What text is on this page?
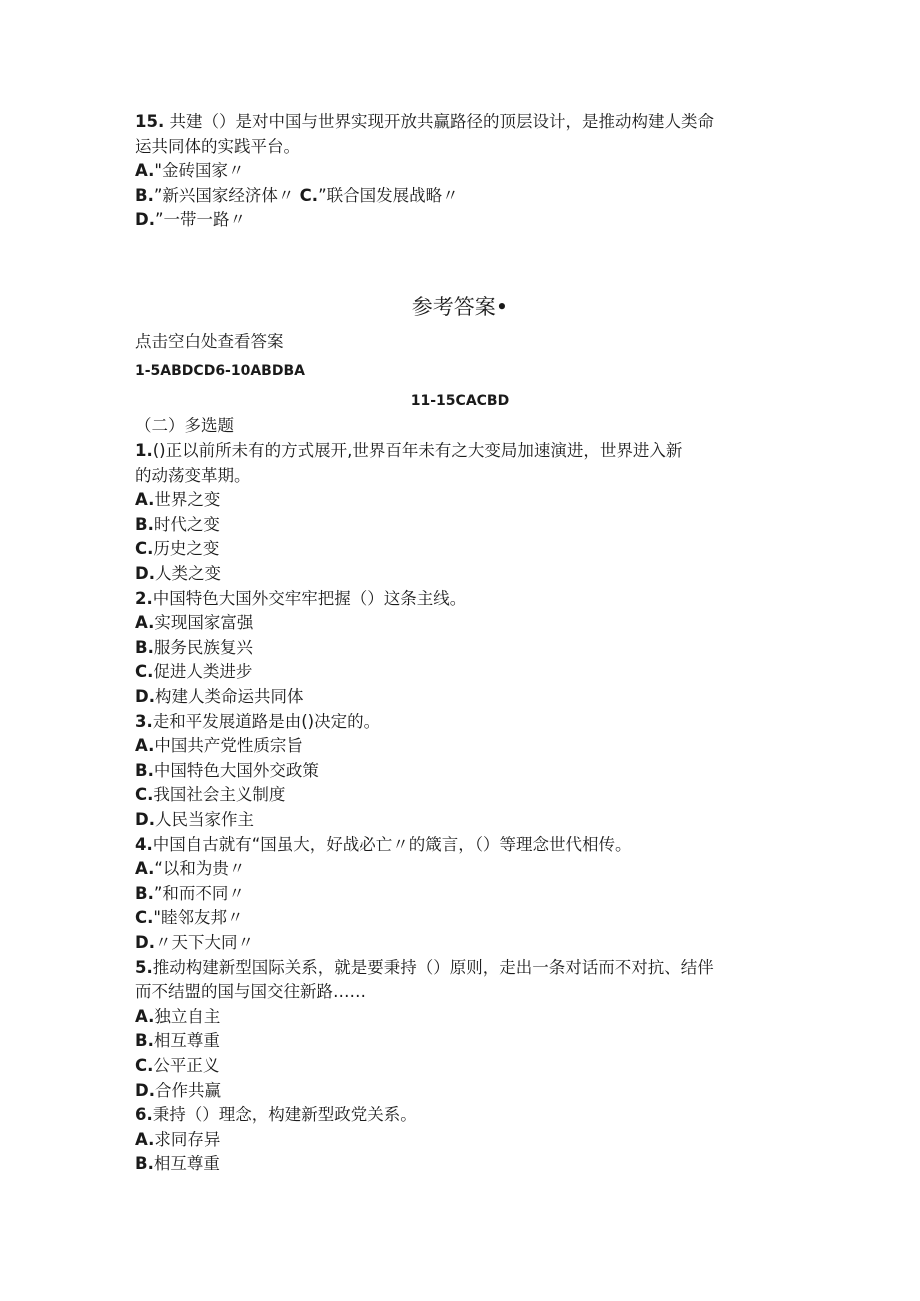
15. 共建（）是对中国与世界实现开放共赢路径的顶层设计，是推动构建人类命
运共同体的实践平台。
A."金砖国家〃
B.”新兴国家经济体〃 C.”联合国发展战略〃
D.”一带一路〃
参考答案•
点击空白处查看答案
1-5ABDCD6-10ABDBA
11-15CACBD
（二）多选题
1.()正以前所未有的方式展开,世界百年未有之大变局加速演进，世界进入新
的动荡变革期。
A.世界之变
B.时代之变
C.历史之变
D.人类之变
2.中国特色大国外交牢牢把握（）这条主线。
A.实现国家富强
B.服务民族复兴
C.促进人类进步
D.构建人类命运共同体
3.走和平发展道路是由()决定的。
A.中国共产党性质宗旨
B.中国特色大国外交政策
C.我国社会主义制度
D.人民当家作主
4.中国自古就有“国虽大，好战必亡〃的箴言，（）等理念世代相传。
A.“以和为贵〃
B.”和而不同〃
C."睦邻友邦〃
D.〃天下大同〃
5.推动构建新型国际关系，就是要秉持（）原则，走出一条对话而不对抗、结伴
而不结盟的国与国交往新路……
A.独立自主
B.相互尊重
C.公平正义
D.合作共赢
6.秉持（）理念，构建新型政党关系。
A.求同存异
B.相互尊重
